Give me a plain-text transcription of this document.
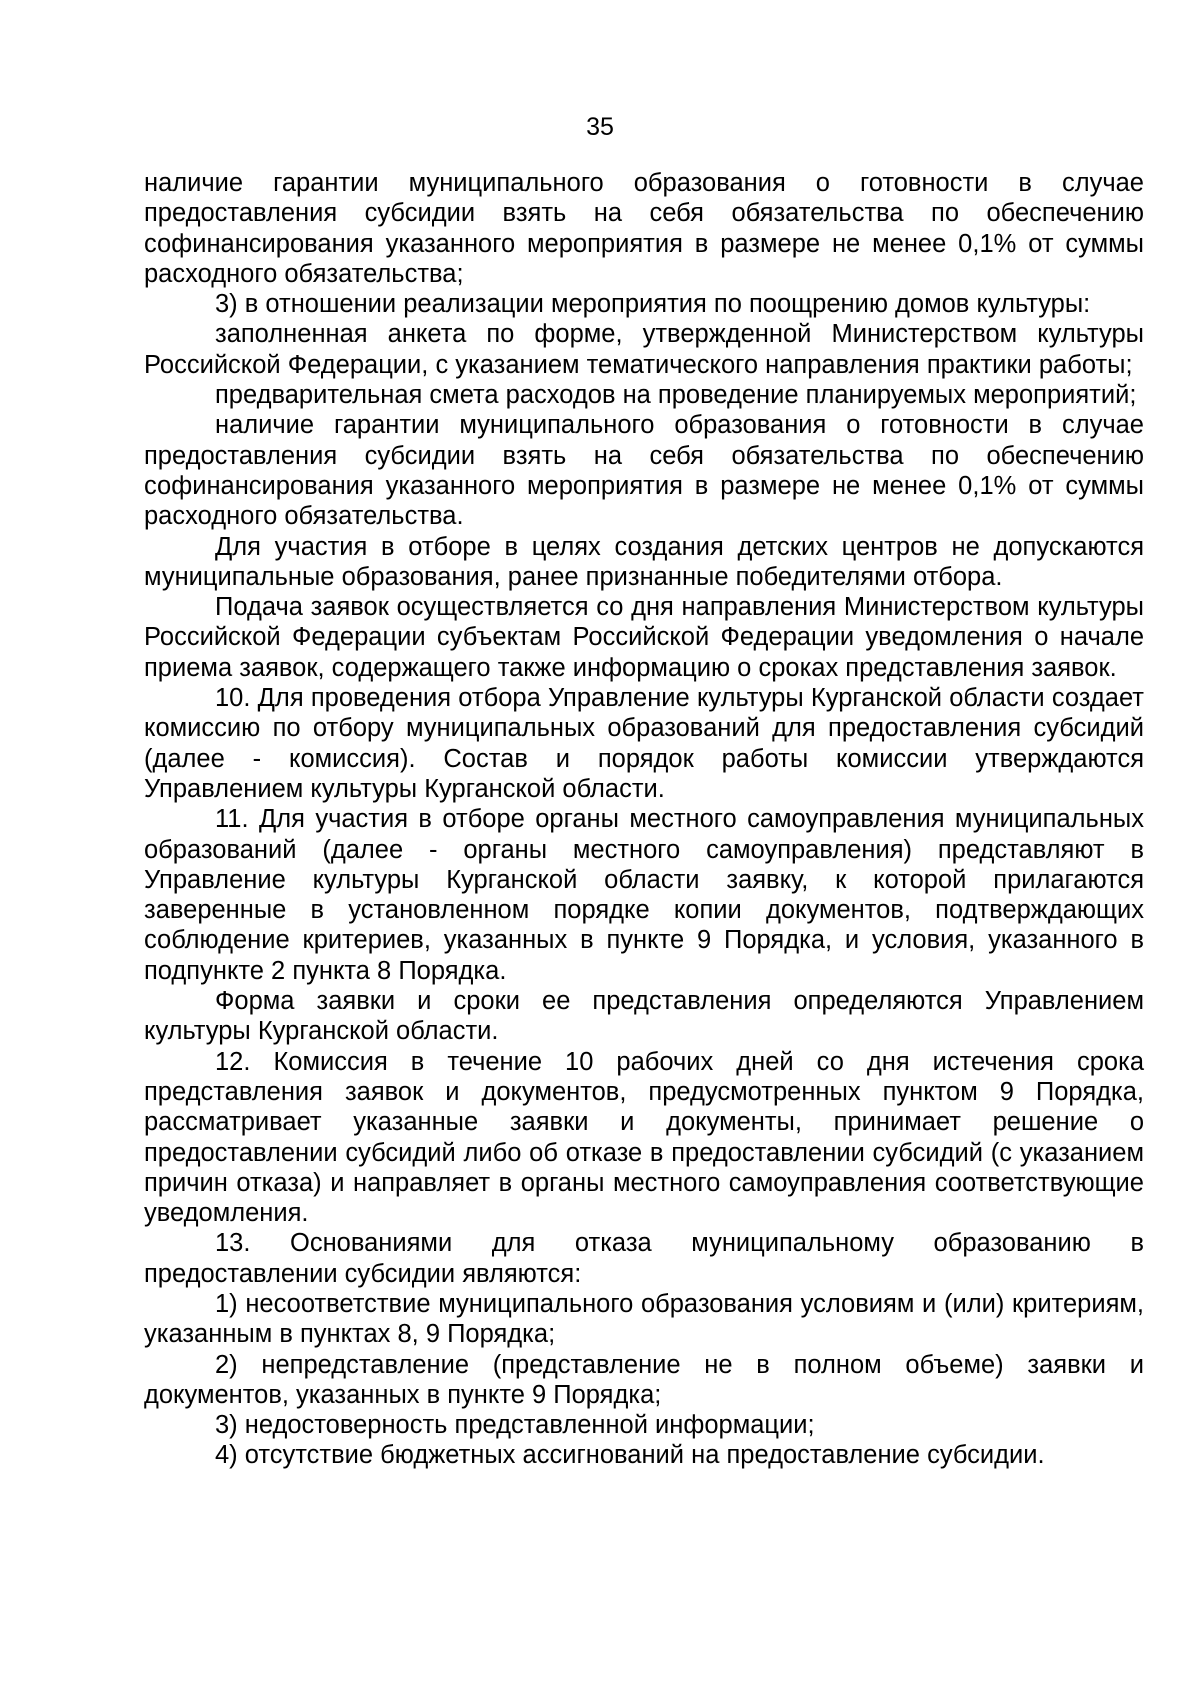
35

наличие гарантии муниципального образования о готовности в случае предоставления субсидии взять на себя обязательства по обеспечению софинансирования указанного мероприятия в размере не менее 0,1% от суммы расходного обязательства;

3) в отношении реализации мероприятия по поощрению домов культуры:

заполненная анкета по форме, утвержденной Министерством культуры Российской Федерации, с указанием тематического направления практики работы;

предварительная смета расходов на проведение планируемых мероприятий;

наличие гарантии муниципального образования о готовности в случае предоставления субсидии взять на себя обязательства по обеспечению софинансирования указанного мероприятия в размере не менее 0,1% от суммы расходного обязательства.

Для участия в отборе в целях создания детских центров не допускаются муниципальные образования, ранее признанные победителями отбора.

Подача заявок осуществляется со дня направления Министерством культуры Российской Федерации субъектам Российской Федерации уведомления о начале приема заявок, содержащего также информацию о сроках представления заявок.

10. Для проведения отбора Управление культуры Курганской области создает комиссию по отбору муниципальных образований для предоставления субсидий (далее - комиссия). Состав и порядок работы комиссии утверждаются Управлением культуры Курганской области.

11. Для участия в отборе органы местного самоуправления муниципальных образований (далее - органы местного самоуправления) представляют в Управление культуры Курганской области заявку, к которой прилагаются заверенные в установленном порядке копии документов, подтверждающих соблюдение критериев, указанных в пункте 9 Порядка, и условия, указанного в подпункте 2 пункта 8 Порядка.

Форма заявки и сроки ее представления определяются Управлением культуры Курганской области.

12. Комиссия в течение 10 рабочих дней со дня истечения срока представления заявок и документов, предусмотренных пунктом 9 Порядка, рассматривает указанные заявки и документы, принимает решение о предоставлении субсидий либо об отказе в предоставлении субсидий (с указанием причин отказа) и направляет в органы местного самоуправления соответствующие уведомления.

13. Основаниями для отказа муниципальному образованию в предоставлении субсидии являются:

1) несоответствие муниципального образования условиям и (или) критериям, указанным в пунктах 8, 9 Порядка;

2) непредставление (представление не в полном объеме) заявки и документов, указанных в пункте 9 Порядка;

3) недостоверность представленной информации;

4) отсутствие бюджетных ассигнований на предоставление субсидии.
